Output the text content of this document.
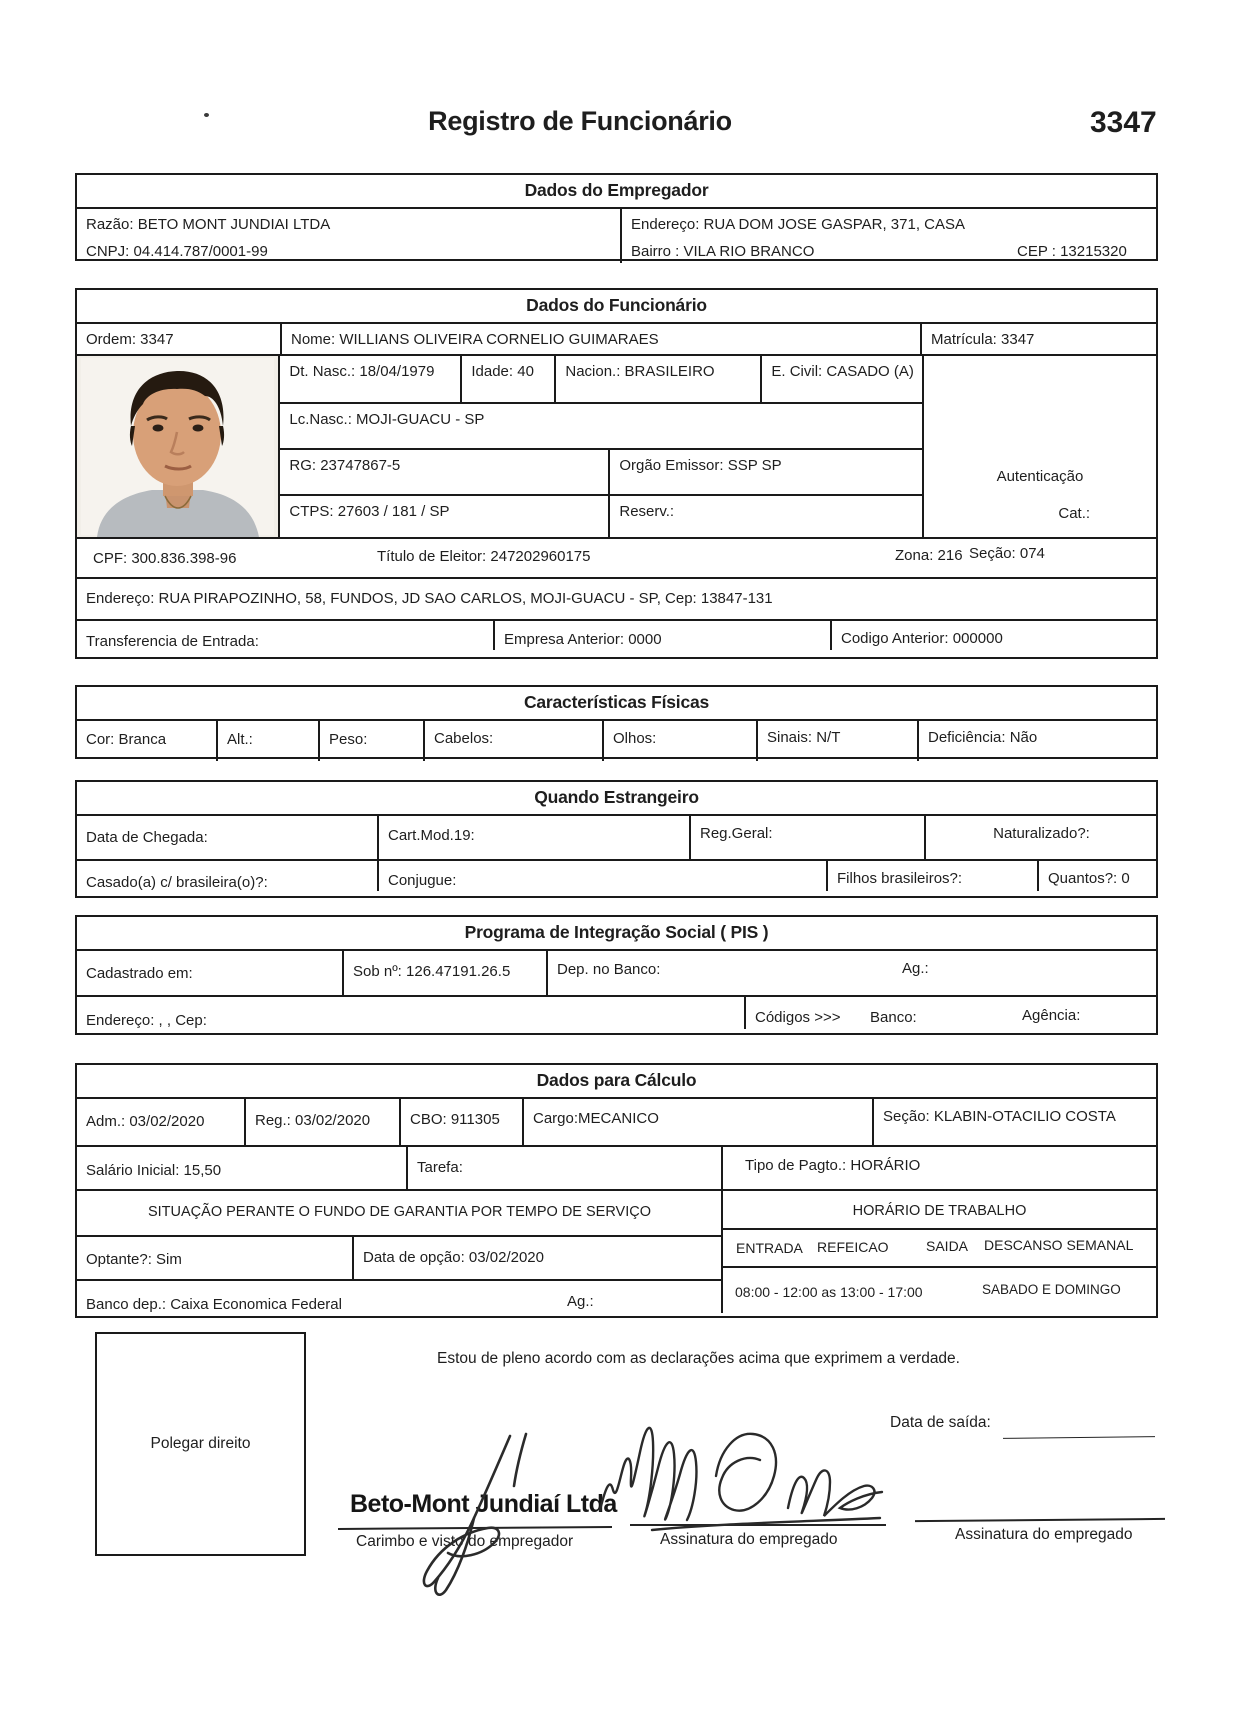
Registro de Funcionário	3347
Dados do Empregador
Razão: BETO MONT JUNDIAI LTDA	Endereço: RUA DOM JOSE GASPAR, 371, CASA
CNPJ: 04.414.787/0001-99	Bairro : VILA RIO BRANCO	CEP : 13215320
Dados do Funcionário
Ordem: 3347	Nome: WILLIANS OLIVEIRA CORNELIO GUIMARAES	Matrícula: 3347
Dt. Nasc.: 18/04/1979	Idade: 40	Nacion.: BRASILEIRO	E. Civil: CASADO (A)
Lc.Nasc.: MOJI-GUACU - SP
RG: 23747867-5	Orgão Emissor: SSP SP
CTPS: 27603 / 181 / SP	Reserv.:	Cat.:
Autenticação
CPF: 300.836.398-96	Título de Eleitor: 247202960175	Zona: 216 Seção: 074
Endereço: RUA PIRAPOZINHO, 58, FUNDOS, JD SAO CARLOS, MOJI-GUACU - SP, Cep: 13847-131
Transferencia de Entrada:	Empresa Anterior: 0000	Codigo Anterior: 000000
Características Físicas
Cor: Branca	Alt.:	Peso:	Cabelos:	Olhos:	Sinais: N/T	Deficiência: Não
Quando Estrangeiro
Data de Chegada:	Cart.Mod.19:	Reg.Geral:	Naturalizado?:
Casado(a) c/ brasileira(o)?:	Conjugue:	Filhos brasileiros?:	Quantos?: 0
Programa de Integração Social ( PIS )
Cadastrado em:	Sob nº: 126.47191.26.5	Dep. no Banco:	Ag.:
Endereço: , , Cep:	Códigos >>>	Banco:	Agência:
Dados para Cálculo
Adm.: 03/02/2020	Reg.: 03/02/2020	CBO: 911305	Cargo:MECANICO	Seção: KLABIN-OTACILIO COSTA
Salário Inicial: 15,50	Tarefa:	Tipo de Pagto.: HORÁRIO
SITUAÇÃO PERANTE O FUNDO DE GARANTIA POR TEMPO DE SERVIÇO
Optante?: Sim	Data de opção: 03/02/2020
Banco dep.: Caixa Economica Federal	Ag.:
HORÁRIO DE TRABALHO
ENTRADA REFEICAO	SAIDA DESCANSO SEMANAL
08:00 - 12:00 as 13:00 - 17:00	SABADO E DOMINGO
Polegar direito
Estou de pleno acordo com as declarações acima que exprimem a verdade.
Data de saída:
Beto-Mont Jundiaí Ltda
Carimbo e visto do empregador	Assinatura do empregado	Assinatura do empregado
